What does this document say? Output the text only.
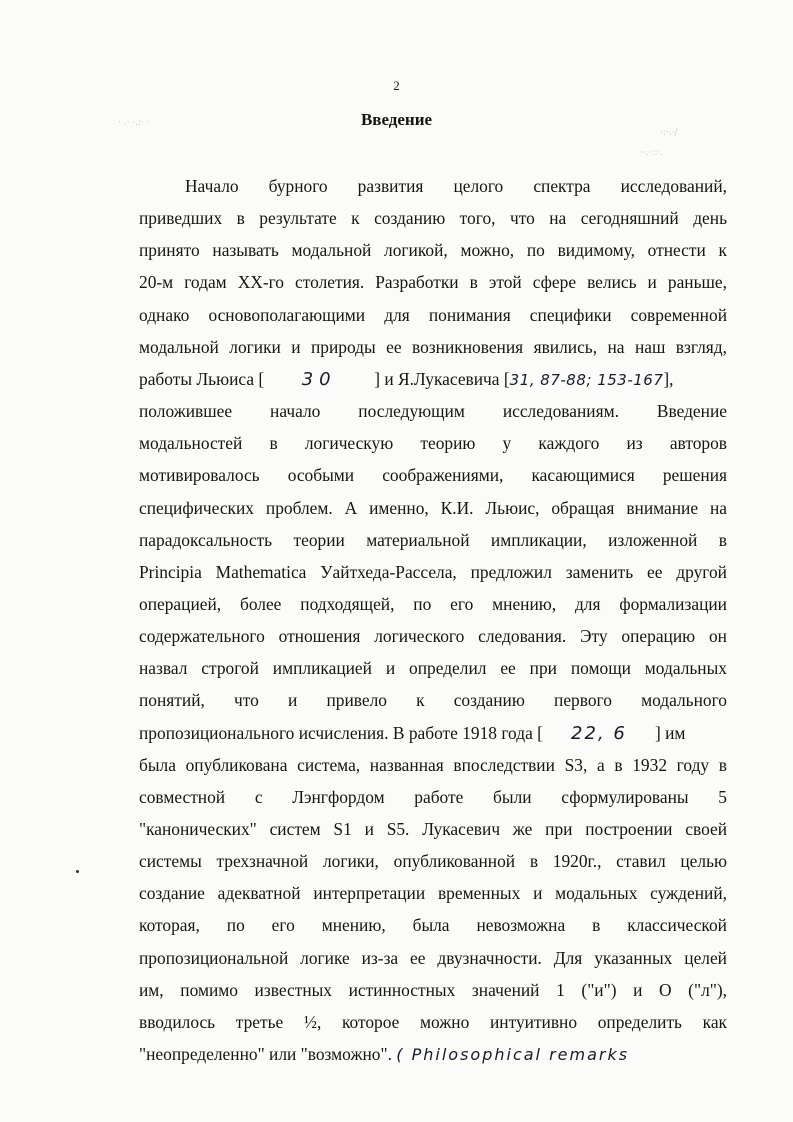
· .· ·.:· ·
·:·.·/
··.·::·.
2
Введение
Начало бурного развития целого спектра исследований,
приведших в результате к созданию того, что на сегодняшний день
принято называть модальной логикой, можно, по видимому, отнести к
20-м годам XX-го столетия. Разработки в этой сфере велись и раньше,
однако основополагающими для понимания специфики современной
модальной логики и природы ее возникновения явились, на наш взгляд,
работы Льюиса [ 30 ] и Я.Лукасевича [31, 87-88; 153-167],
положившее начало последующим исследованиям. Введение
модальностей в логическую теорию у каждого из авторов
мотивировалось особыми соображениями, касающимися решения
специфических проблем. А именно, К.И. Льюис, обращая внимание на
парадоксальность теории материальной импликации, изложенной в
Principia Mathematica Уайтхеда-Рассела, предложил заменить ее другой
операцией, более подходящей, по его мнению, для формализации
содержательного отношения логического следования. Эту операцию он
назвал строгой импликацией и определил ее при помощи модальных
понятий, что и привело к созданию первого модального
пропозиционального исчисления. В работе 1918 года [ 22, 6 ] им
была опубликована система, названная впоследствии S3, а в 1932 году в
совместной с Лэнгфордом работе были сформулированы 5
"канонических" систем S1 и S5. Лукасевич же при построении своей
системы трехзначной логики, опубликованной в 1920г., ставил целью
создание адекватной интерпретации временных и модальных суждений,
которая, по его мнению, была невозможна в классической
пропозициональной логике из-за ее двузначности. Для указанных целей
им, помимо известных истинностных значений 1 ("и") и O ("л"),
вводилось третье ½, которое можно интуитивно определить как
"неопределенно" или "возможно". ( Philosophical remarks
